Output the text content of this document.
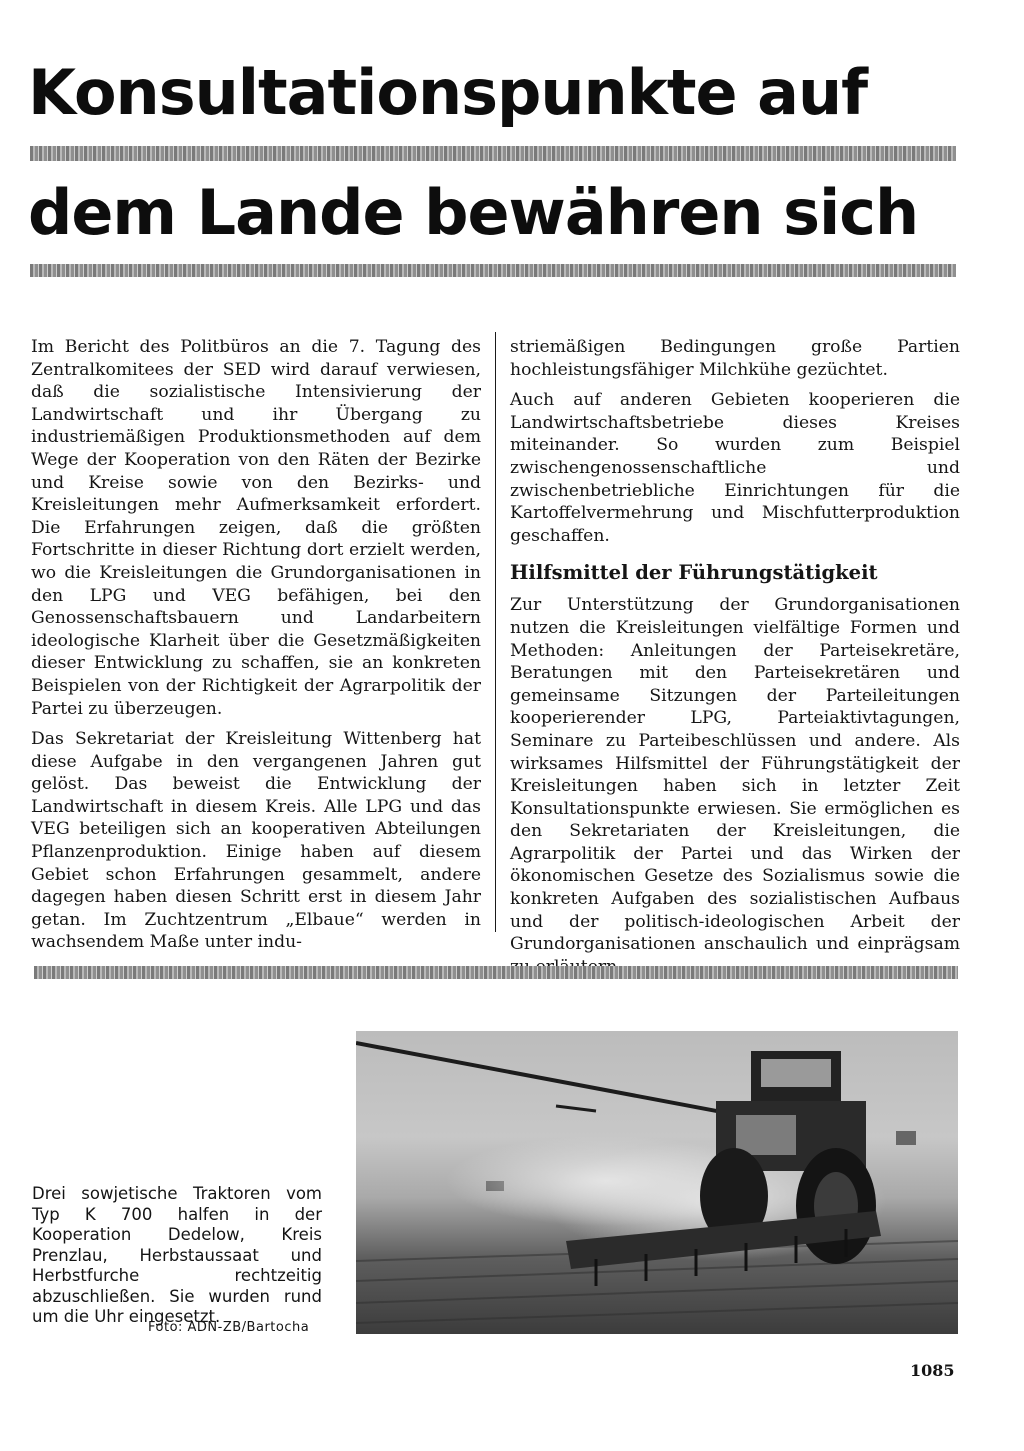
Konsultationspunkte auf
dem Lande bewähren sich

Im Bericht des Politbüros an die 7. Tagung des Zentralkomitees der SED wird darauf verwiesen, daß die sozialistische Intensivierung der Landwirtschaft und ihr Übergang zu industriemäßigen Produktionsmethoden auf dem Wege der Kooperation von den Räten der Bezirke und Kreise sowie von den Bezirks- und Kreisleitungen mehr Aufmerksamkeit erfordert. Die Erfahrungen zeigen, daß die größten Fortschritte in dieser Richtung dort erzielt werden, wo die Kreisleitungen die Grundorganisationen in den LPG und VEG befähigen, bei den Genossenschaftsbauern und Landarbeitern ideologische Klarheit über die Gesetzmäßigkeiten dieser Entwicklung zu schaffen, sie an konkreten Beispielen von der Richtigkeit der Agrarpolitik der Partei zu überzeugen.

Das Sekretariat der Kreisleitung Wittenberg hat diese Aufgabe in den vergangenen Jahren gut gelöst. Das beweist die Entwicklung der Landwirtschaft in diesem Kreis. Alle LPG und das VEG beteiligen sich an kooperativen Abteilungen Pflanzenproduktion. Einige haben auf diesem Gebiet schon Erfahrungen gesammelt, andere dagegen haben diesen Schritt erst in diesem Jahr getan. Im Zuchtzentrum „Elbaue“ werden in wachsendem Maße unter indu-

striemäßigen Bedingungen große Partien hochleistungsfähiger Milchkühe gezüchtet.

Auch auf anderen Gebieten kooperieren die Landwirtschaftsbetriebe dieses Kreises miteinander. So wurden zum Beispiel zwischengenossenschaftliche und zwischenbetriebliche Einrichtungen für die Kartoffelvermehrung und Mischfutterproduktion geschaffen.

Hilfsmittel der Führungstätigkeit

Zur Unterstützung der Grundorganisationen nutzen die Kreisleitungen vielfältige Formen und Methoden: Anleitungen der Parteisekretäre, Beratungen mit den Parteisekretären und gemeinsame Sitzungen der Parteileitungen kooperierender LPG, Parteiaktivtagungen, Seminare zu Parteibeschlüssen und andere. Als wirksames Hilfsmittel der Führungstätigkeit der Kreisleitungen haben sich in letzter Zeit Konsultationspunkte erwiesen. Sie ermöglichen es den Sekretariaten der Kreisleitungen, die Agrarpolitik der Partei und das Wirken der ökonomischen Gesetze des Sozialismus sowie die konkreten Aufgaben des sozialistischen Aufbaus und der politisch-ideologischen Arbeit der Grundorganisationen anschaulich und einprägsam

Drei sowjetische Traktoren vom Typ K 700 halfen in der Kooperation Dedelow, Kreis Prenzlau, Herbstaussaat und Herbstfurche rechtzeitig abzuschließen. Sie wurden rund um die Uhr eingesetzt.

Foto: ADN-ZB/Bartocha

1085
